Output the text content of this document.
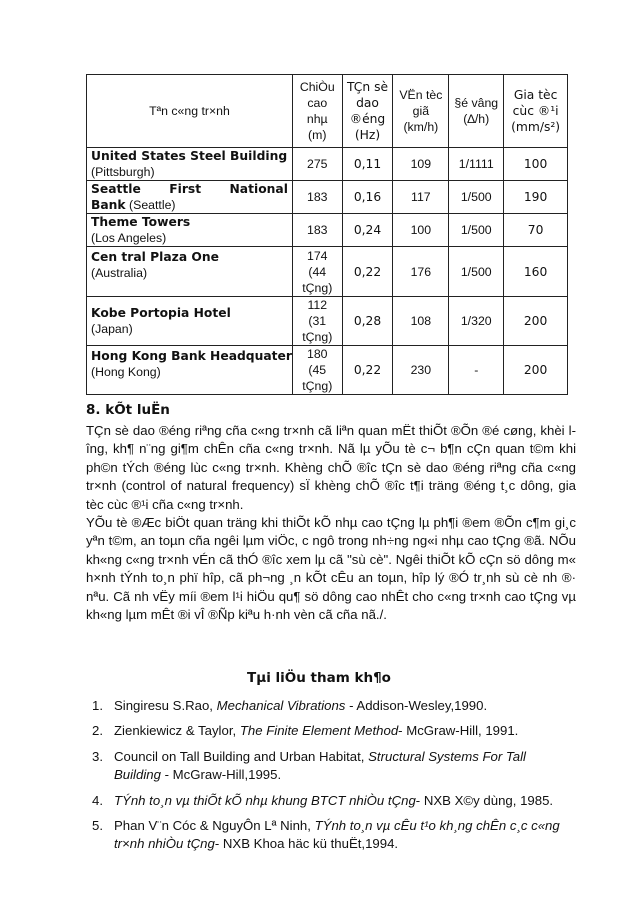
Tªn c«ng tr×nh	ChiÒu cao nhµ (m)	TÇn sè dao ®éng (Hz)	VËn tèc giã (km/h)	§é vâng (∆/h)	Gia tèc cùc ®¹i (mm/s²)
United States Steel Building (Pittsburgh)	275	0,11	109	1/1111	100

Seattle First National
Bank (Seattle)	183	0,16	117	1/500	190

Theme Towers
(Los Angeles)	183	0,24	100	1/500	70

Cen tral Plaza One
(Australia)	174 (44 tÇng)	0,22	176	1/500	160

Kobe Portopia Hotel
(Japan)	112 (31 tÇng)	0,28	108	1/320	200

Hong Kong Bank Headquater
(Hong Kong)	180 (45 tÇng)	0,22	230	-	200
8. kÕt luËn

TÇn sè dao ®éng riªng cña c«ng tr×nh cã liªn quan mËt thiÕt ®Õn ®é cøng, khèi lîng, kh¶ n¨ng gi¶m chÊn cña c«ng tr×nh. Nã lµ yÕu tè c¬ b¶n cÇn quan t©m khi ph©n tÝch ®éng lùc c«ng tr×nh. Khèng chÕ ®îc tÇn sè dao ®éng riªng cña c«ng tr×nh (control of natural frequency) sÏ khèng chÕ ®îc t¶i träng ®éng t¸c dông, gia tèc cùc ®¹i cña c«ng tr×nh.

YÕu tè ®Æc biÖt quan träng khi thiÕt kÕ nhµ cao tÇng lµ ph¶i ®em ®Õn c¶m gi¸c yªn t©m, an toµn cña ngêi lµm viÖc, c ngô trong nh÷ng ng«i nhµ cao tÇng ®ã. NÕu kh«ng c«ng tr×nh vÉn cã thÓ ®îc xem lµ cã "sù cè". Ngêi thiÕt kÕ cÇn sö dông m« h×nh tÝnh to¸n phï hîp, cã ph¬ng ¸n kÕt cÊu an toµn, hîp lý ®Ó tr¸nh sù cè nh ®· nªu. Cã nh vËy míi ®em l¹i hiÖu qu¶ sö dông cao nhÊt cho c«ng tr×nh cao tÇng vµ kh«ng lµm mÊt ®i vÎ ®Ñp kiªu h·nh vèn cã cña nã./.

Tµi liÖu tham kh¶o
1. Singiresu S.Rao, Mechanical Vibrations - Addison-Wesley,1990.
2. Zienkiewicz & Taylor, The Finite Element Method- McGraw-Hill, 1991.
3. Council on Tall Building and Urban Habitat, Structural Systems For Tall Building - McGraw-Hill,1995.
4. TÝnh to¸n vµ thiÕt kÕ nhµ khung BTCT nhiÒu tÇng- NXB X©y dùng, 1985.
5. Phan V¨n Cóc & NguyÔn Lª Ninh, TÝnh to¸n vµ cÊu t¹o kh¸ng chÊn c¸c c«ng tr×nh nhiÒu tÇng- NXB Khoa häc kü thuËt,1994.
